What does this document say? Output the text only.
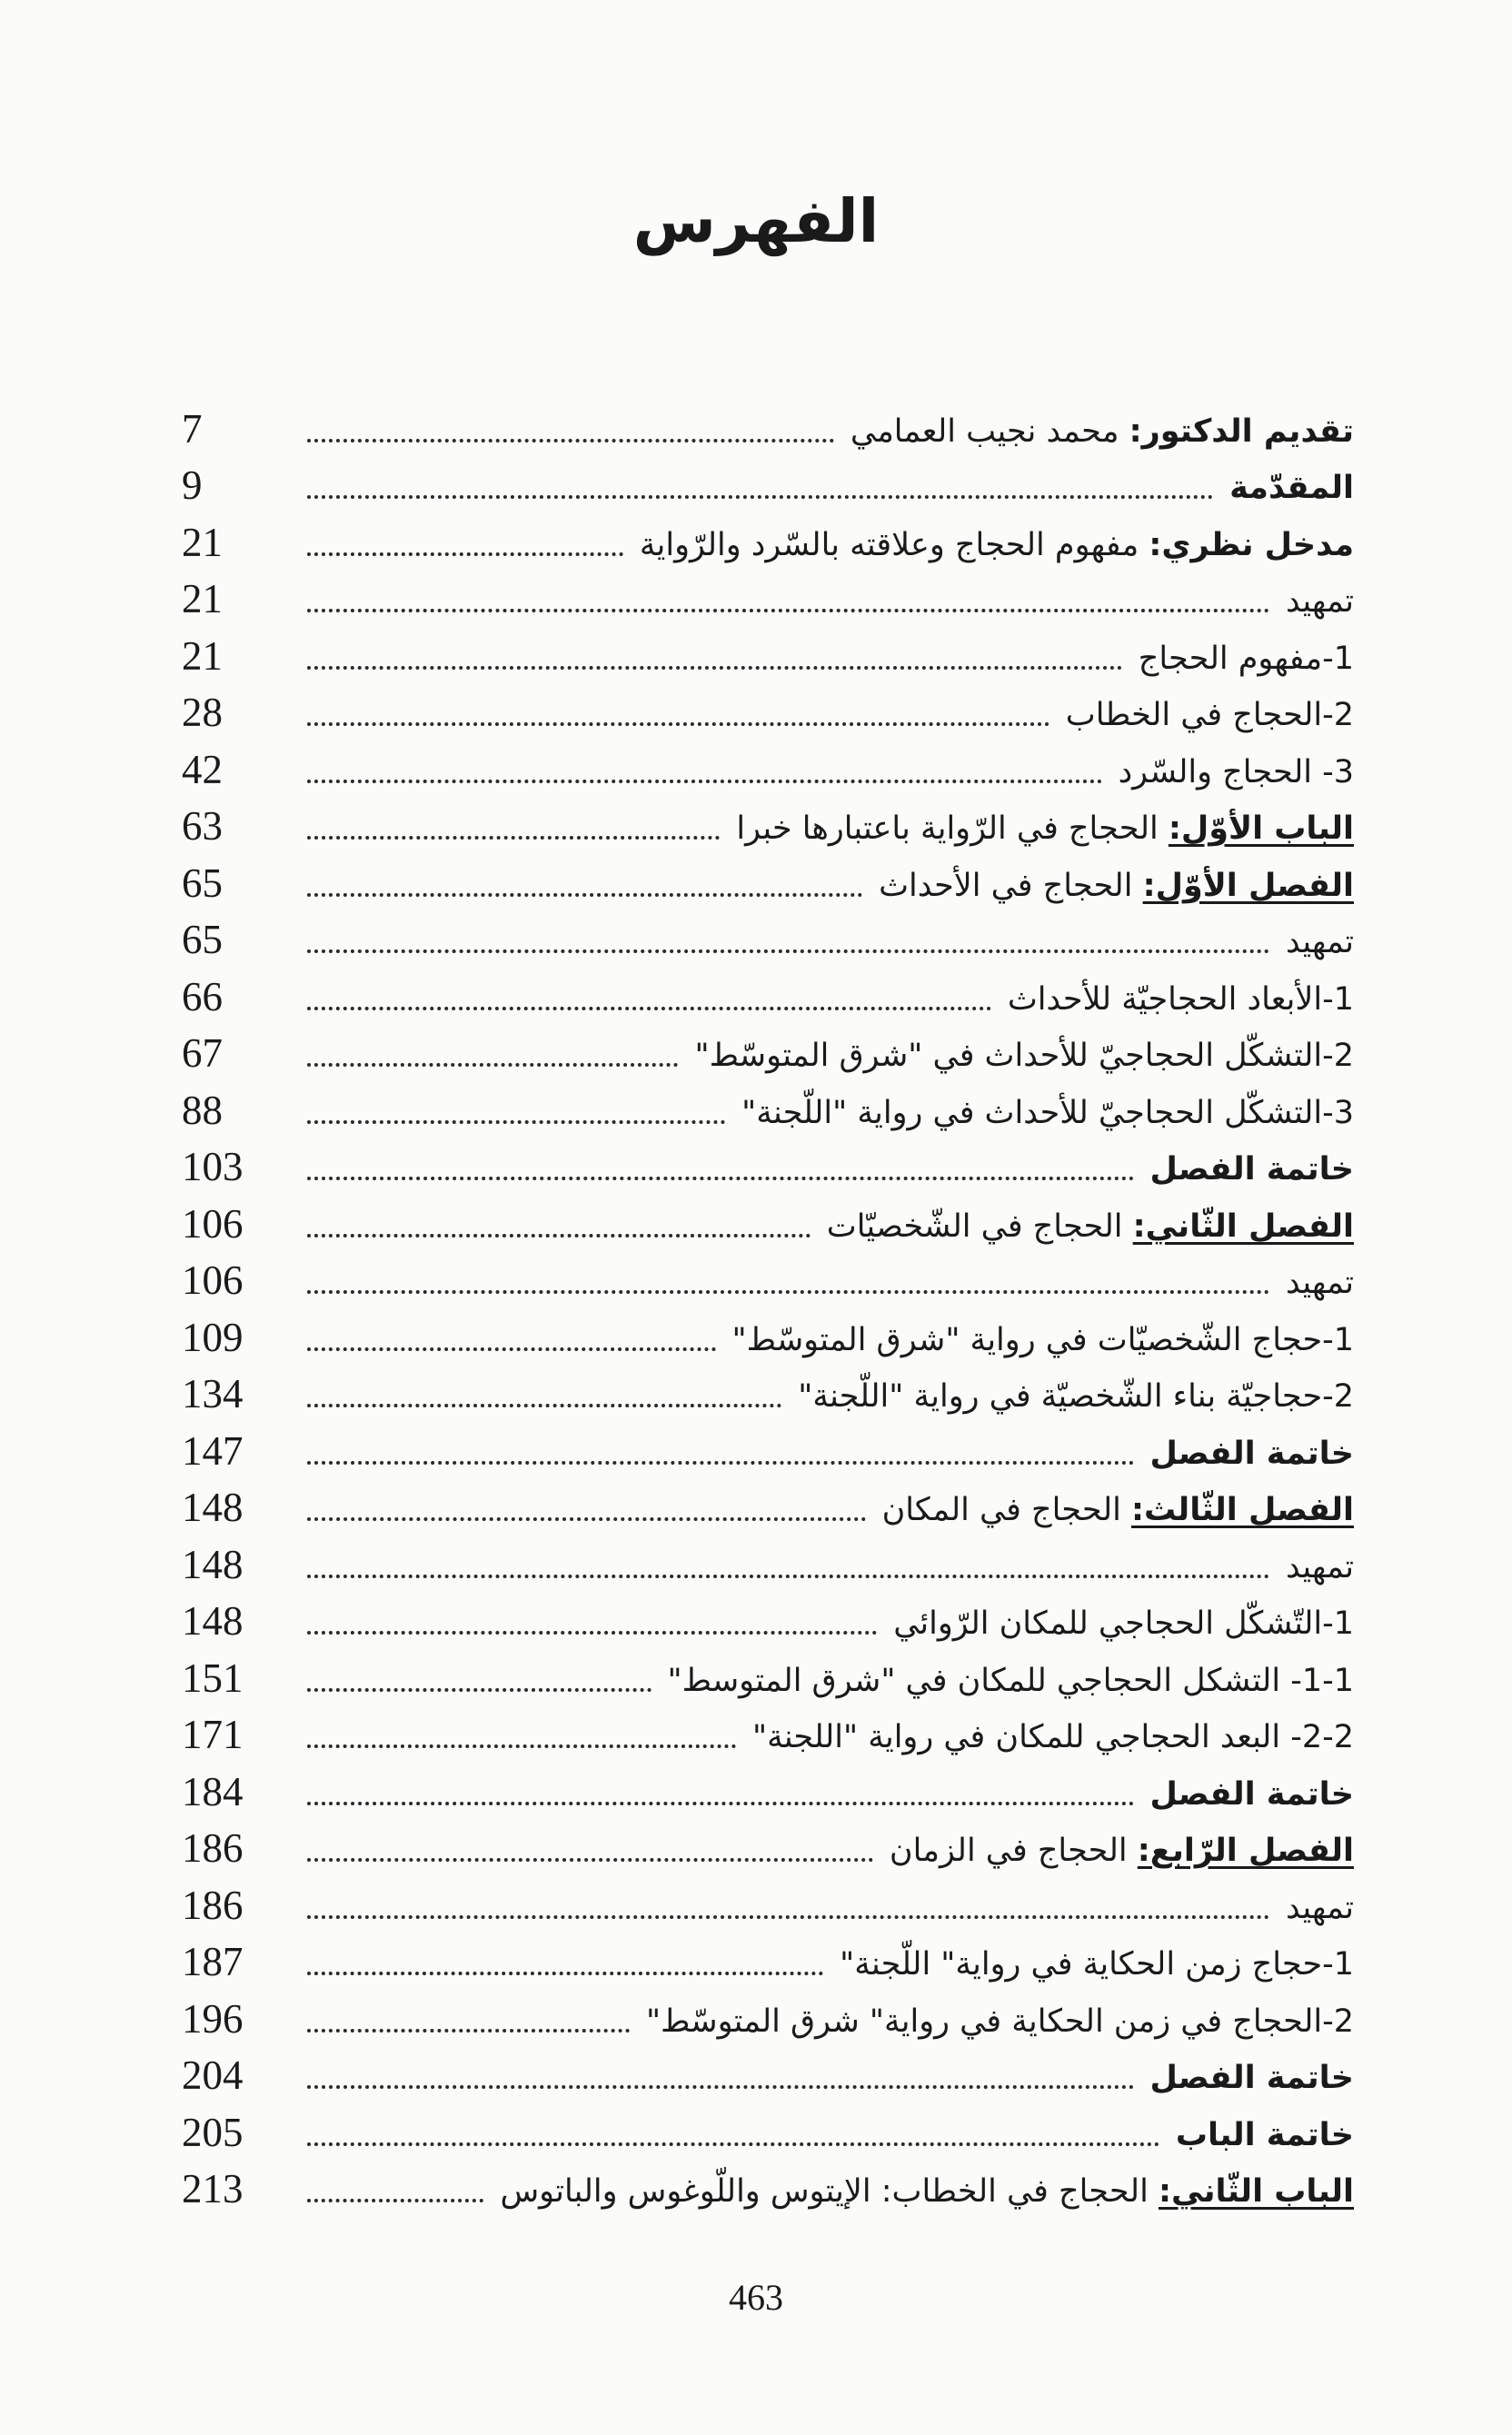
الفهرس
تقديم الدكتور: محمد نجيب العمامي
7
المقدّمة
9
مدخل نظري: مفهوم الحجاج وعلاقته بالسّرد والرّواية
21
تمهيد
21
1-مفهوم الحجاج
21
2-الحجاج في الخطاب
28
3- الحجاج والسّرد
42
الباب الأوّل: الحجاج في الرّواية باعتبارها خبرا
63
الفصل الأوّل: الحجاج في الأحداث
65
تمهيد
65
1-الأبعاد الحجاجيّة للأحداث
66
2-التشكّل الحجاجيّ للأحداث في "شرق المتوسّط"
67
3-التشكّل الحجاجيّ للأحداث في رواية "اللّجنة"
88
خاتمة الفصل
103
الفصل الثّاني: الحجاج في الشّخصيّات
106
تمهيد
106
1-حجاج الشّخصيّات في رواية "شرق المتوسّط"
109
2-حجاجيّة بناء الشّخصيّة في رواية "اللّجنة"
134
خاتمة الفصل
147
الفصل الثّالث: الحجاج في المكان
148
تمهيد
148
1-التّشكّل الحجاجي للمكان الرّوائي
148
1-1- التشكل الحجاجي للمكان في "شرق المتوسط"
151
2-2- البعد الحجاجي للمكان في رواية "اللجنة"
171
خاتمة الفصل
184
الفصل الرّابع: الحجاج في الزمان
186
تمهيد
186
1-حجاج زمن الحكاية في رواية" اللّجنة"
187
2-الحجاج في زمن الحكاية في رواية" شرق المتوسّط"
196
خاتمة الفصل
204
خاتمة الباب
205
الباب الثّاني: الحجاج في الخطاب: الإيتوس واللّوغوس والباتوس
213
463
